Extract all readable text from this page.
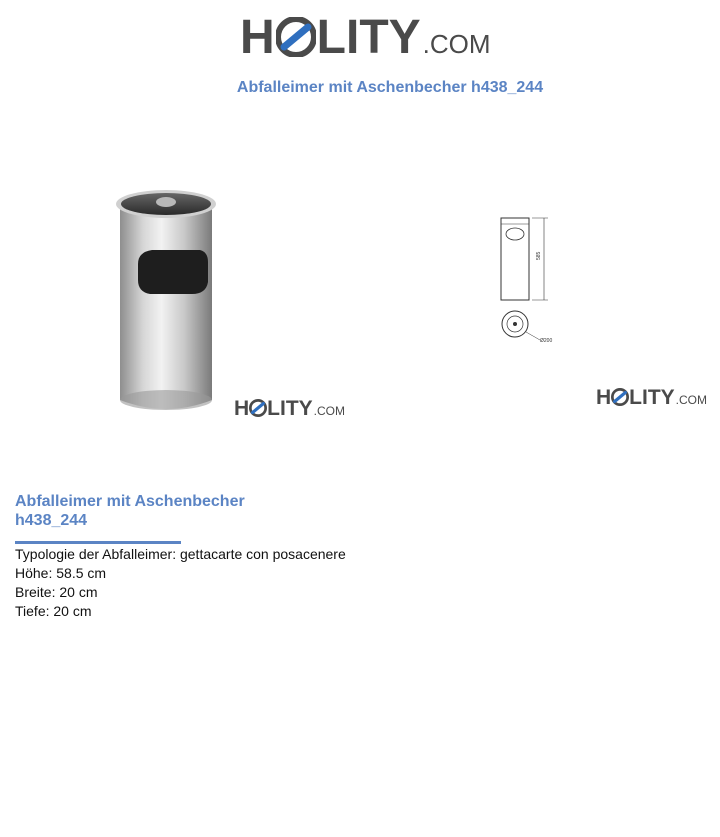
H LITY .COM
Abfalleimer mit Aschenbecher h438_244
H LITY .COM
585
Ø200
H LITY .COM
Abfalleimer mit Aschenbecher
h438_244
Typologie der Abfalleimer: gettacarte con posacenere
Höhe: 58.5 cm
Breite: 20 cm
Tiefe: 20 cm
